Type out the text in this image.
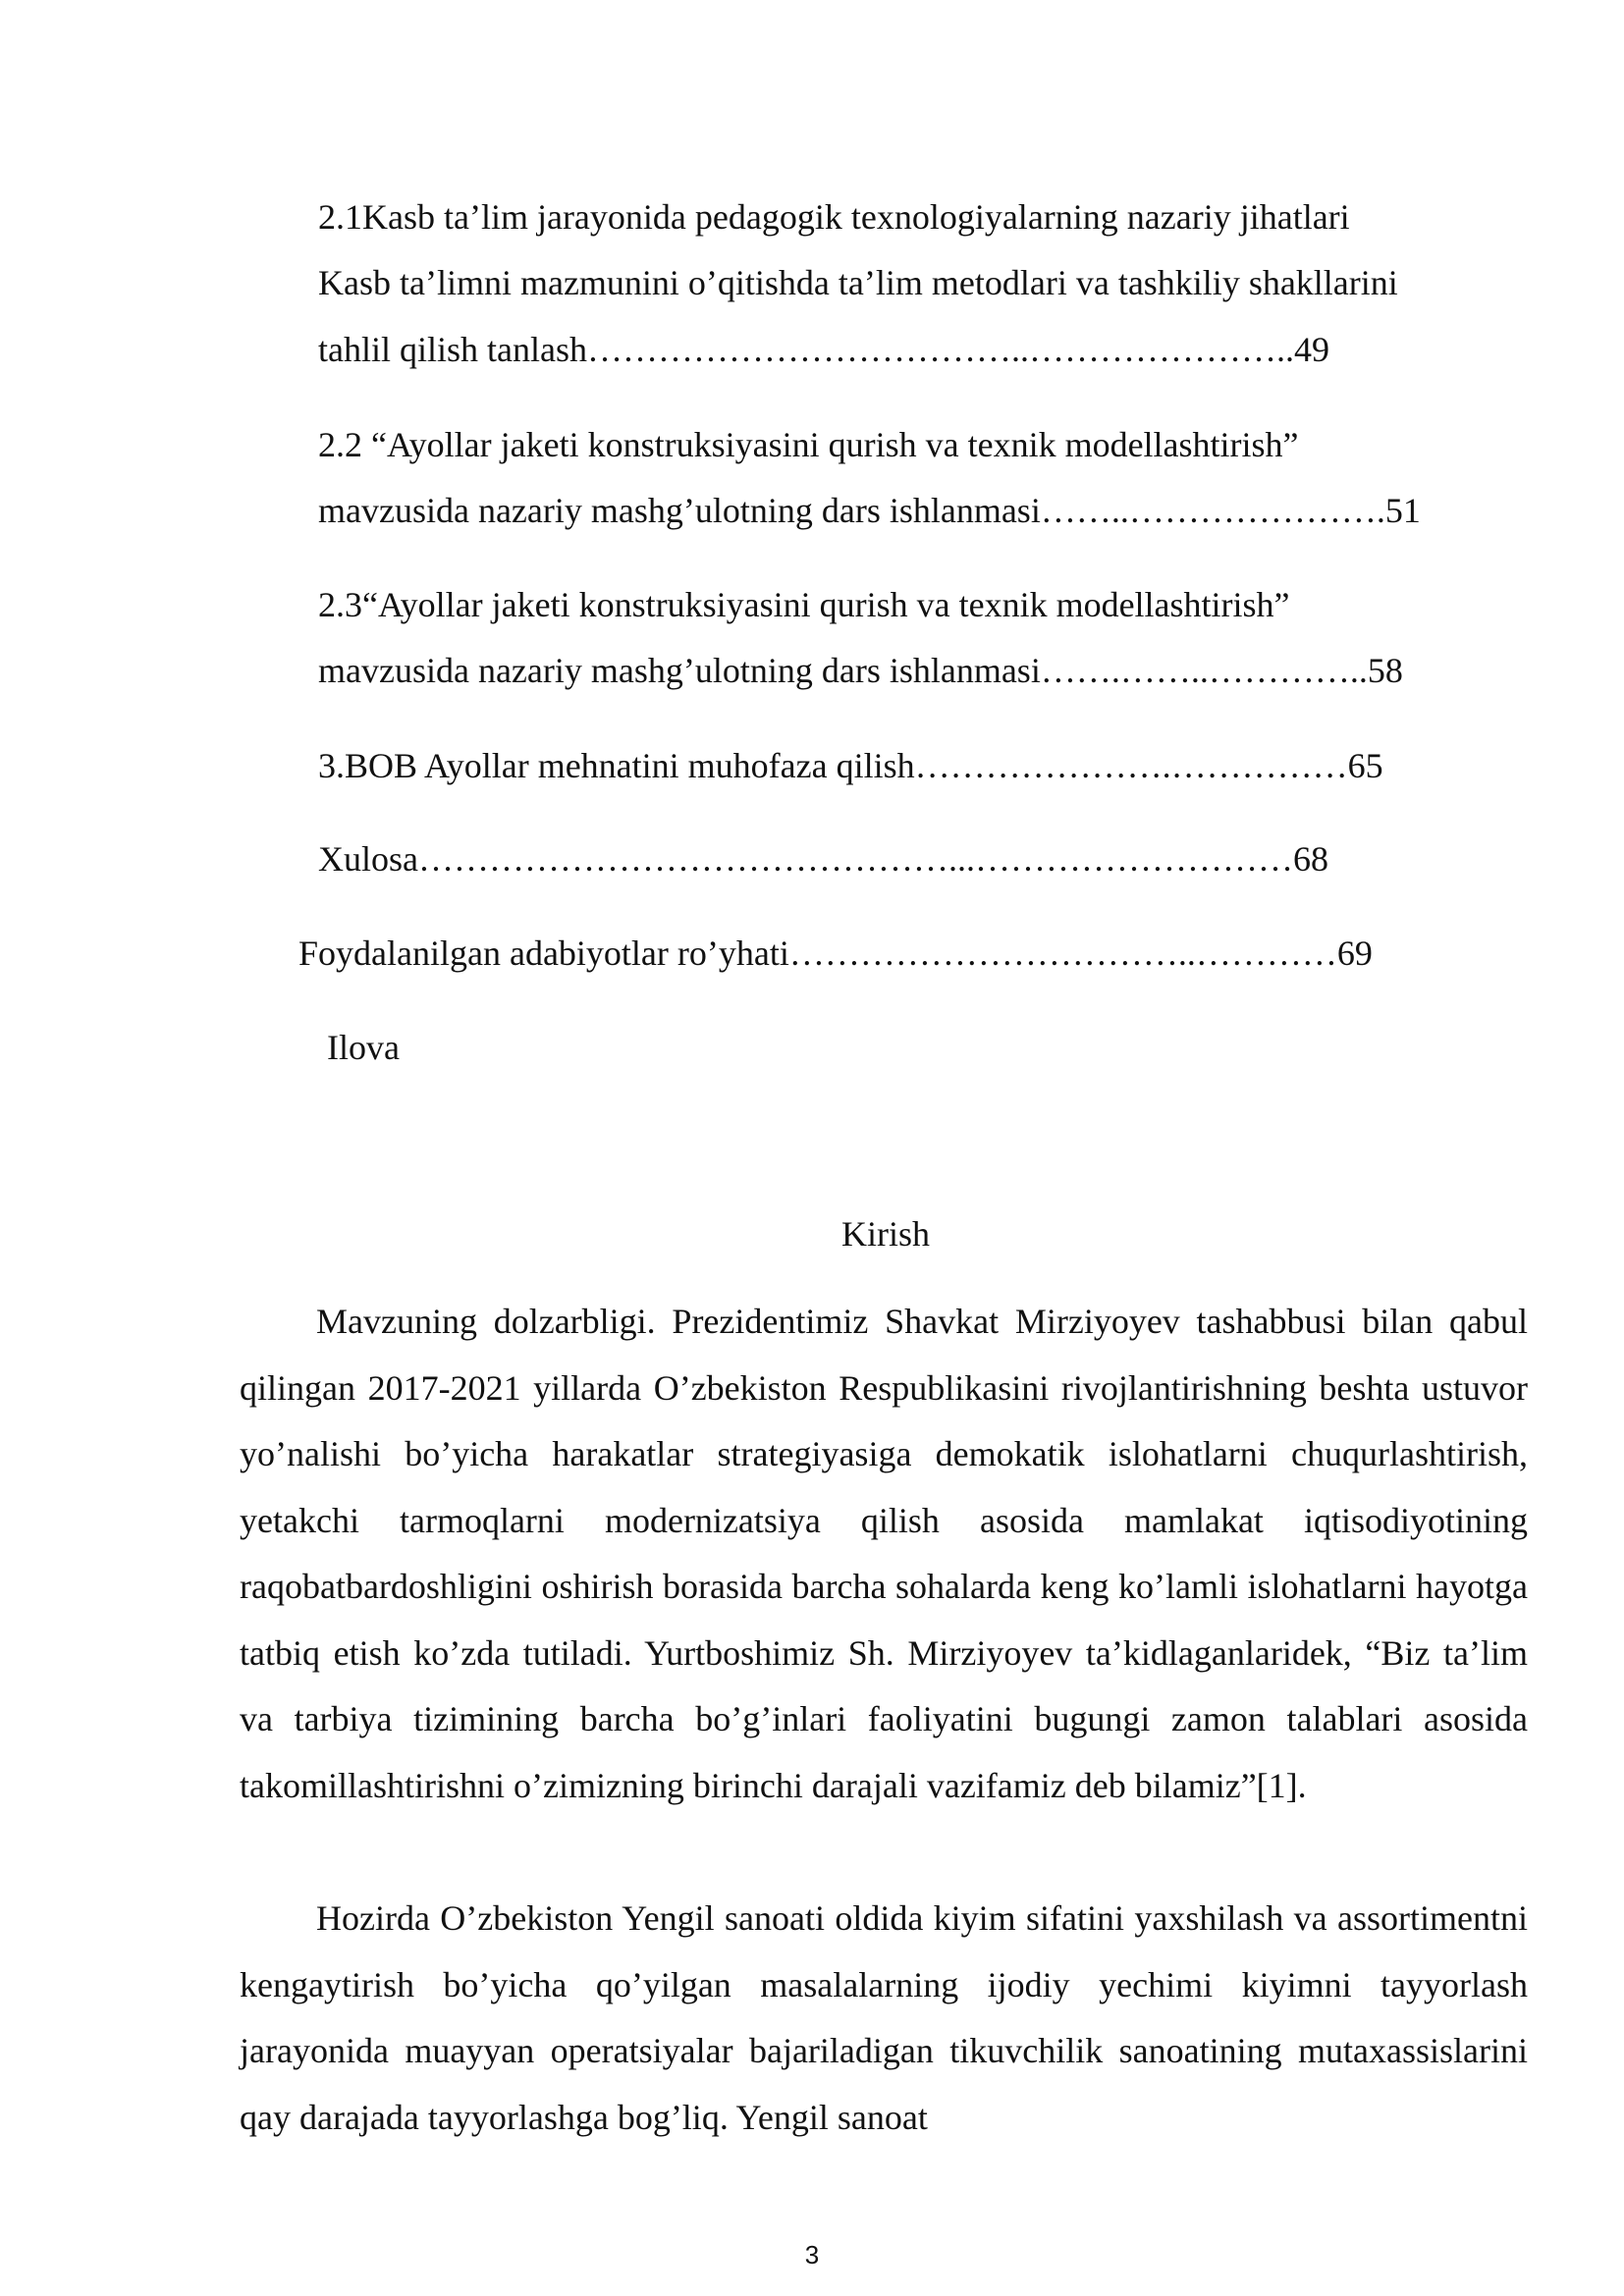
2.1Kasb ta’lim jarayonida pedagogik texnologiyalarning nazariy jihatlari
Kasb ta’limni mazmunini o’qitishda ta’lim metodlari va tashkiliy shakllarini
tahlil qilish tanlash………………………………..…………………..49
2.2 “Ayollar jaketi konstruksiyasini qurish va texnik modellashtirish”
mavzusida nazariy mashg’ulotning dars ishlanmasi……..………………….51
2.3“Ayollar jaketi konstruksiyasini qurish va texnik modellashtirish”
mavzusida nazariy mashg’ulotning dars ishlanmasi…….……..…………..58
3.BOB Ayollar mehnatini muhofaza qilish………………….……………65
Xulosa………………………………………...………………………68
Foydalanilgan adabiyotlar ro’yhati……………………………..…………69
Ilova
Kirish

Mavzuning dolzarbligi. Prezidentimiz Shavkat Mirziyoyev tashabbusi bilan qabul qilingan 2017-2021 yillarda O’zbekiston Respublikasini rivojlantirishning beshta ustuvor yo’nalishi bo’yicha harakatlar strategiyasiga demokatik islohatlarni chuqurlashtirish, yetakchi tarmoqlarni modernizatsiya qilish asosida mamlakat iqtisodiyotining raqobatbardoshligini oshirish borasida barcha sohalarda keng ko’lamli islohatlarni hayotga tatbiq etish ko’zda tutiladi. Yurtboshimiz Sh. Mirziyoyev ta’kidlaganlaridek, “Biz ta’lim va tarbiya tizimining barcha bo’g’inlari faoliyatini bugungi zamon talablari asosida takomillashtirishni o’zimizning birinchi darajali vazifamiz deb bilamiz”[1].

Hozirda O’zbekiston Yengil sanoati oldida kiyim sifatini yaxshilash va assortimentni kengaytirish bo’yicha qo’yilgan masalalarning ijodiy yechimi kiyimni tayyorlash jarayonida muayyan operatsiyalar bajariladigan tikuvchilik sanoatining mutaxassislarini qay darajada tayyorlashga bog’liq. Yengil sanoat

3
